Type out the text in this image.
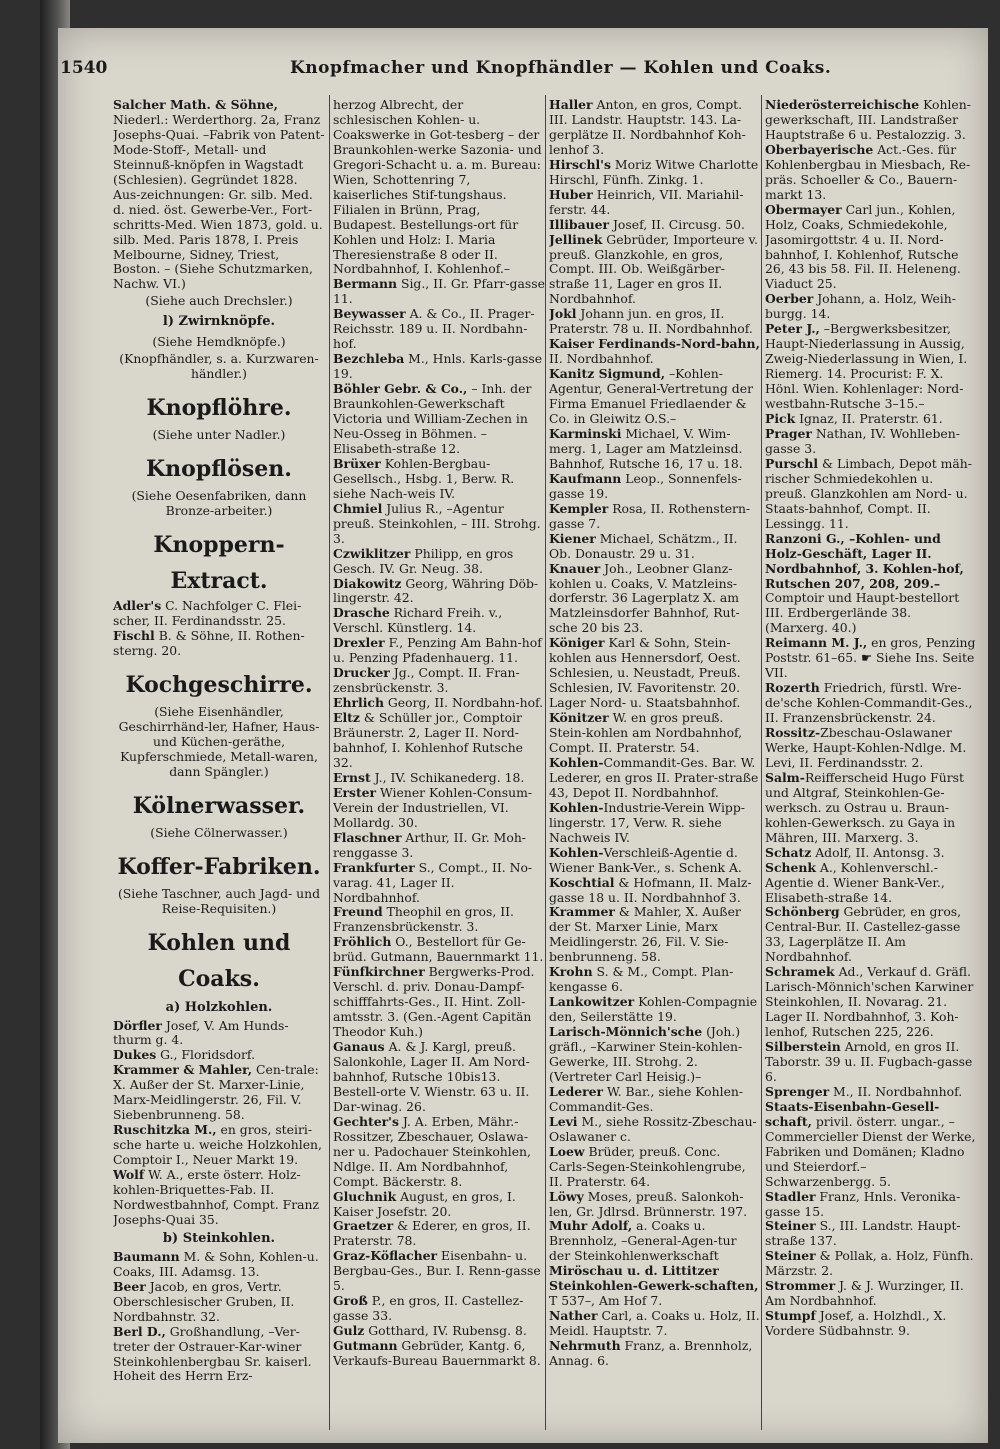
1540	Knopfmacher und Knopfhändler — Kohlen und Coaks.
Salcher Math. & Söhne, Niederl.: Werderthorg. 2a, Franz Josephs-Quai. –Fabrik von Patent-Mode-Stoff-, Metall- und Steinnuß-knöpfen in Wagstadt (Schlesien). Gegründet 1828. Aus-zeichnungen: Gr. silb. Med. d. nied. öst. Gewerbe-Ver., Fort-schritts-Med. Wien 1873, gold. u. silb. Med. Paris 1878, I. Preis Melbourne, Sidney, Triest, Boston. – (Siehe Schutzmarken, Nachw. VI.)
(Siehe auch Drechsler.)
l) Zwirnknöpfe.
(Siehe Hemdknöpfe.)
(Knopfhändler, s. a. Kurzwaren-händler.)
Knopflöhre.
(Siehe unter Nadler.)
Knopflösen.
(Siehe Oesenfabriken, dann Bronze-arbeiter.)
Knoppern-Extract.
Adler's C. Nachfolger C. Flei-scher, II. Ferdinandsstr. 25.
Fischl B. & Söhne, II. Rothen-sterng. 20.
Kochgeschirre.
(Siehe Eisenhändler, Geschirrhänd-ler, Hafner, Haus- und Küchen-geräthe, Kupferschmiede, Metall-waren, dann Spängler.)
Kölnerwasser.
(Siehe Cölnerwasser.)
Koffer-Fabriken.
(Siehe Taschner, auch Jagd- und Reise-Requisiten.)
Kohlen und Coaks.
a) Holzkohlen.
Dörfler Josef, V. Am Hunds-thurm g. 4.
Dukes G., Floridsdorf.
Krammer & Mahler, Cen-trale: X. Außer der St. Marxer-Linie, Marx-Meidlingerstr. 26, Fil. V. Siebenbrunneng. 58.
Ruschitzka M., en gros, steiri-sche harte u. weiche Holzkohlen, Comptoir I., Neuer Markt 19.
Wolf W. A., erste österr. Holz-kohlen-Briquettes-Fab. II. Nordwestbahnhof, Compt. Franz Josephs-Quai 35.
b) Steinkohlen.
Baumann M. & Sohn, Kohlen-u. Coaks, III. Adamsg. 13.
Beer Jacob, en gros, Vertr. Oberschlesischer Gruben, II. Nordbahnstr. 32.
Berl D., Großhandlung, –Ver-treter der Ostrauer-Kar-winer Steinkohlenbergbau Sr. kaiserl. Hoheit des Herrn Erz-
herzog Albrecht, der schlesischen Kohlen- u. Coakswerke in Got-tesberg – der Braunkohlen-werke Sazonia- und Gregori-Schacht u. a. m. Bureau: Wien, Schottenring 7, kaiserliches Stif-tungshaus. Filialen in Brünn, Prag, Budapest. Bestellungs-ort für Kohlen und Holz: I. Maria Theresienstraße 8 oder II. Nordbahnhof, I. Kohlenhof.–
Bermann Sig., II. Gr. Pfarr-gasse 11.
Beywasser A. & Co., II. Prager-Reichsstr. 189 u. II. Nordbahn-hof.
Bezchleba M., Hnls. Karls-gasse 19.
Böhler Gebr. & Co., – Inh. der Braunkohlen-Gewerkschaft Victoria und William-Zechen in Neu-Osseg in Böhmen. – Elisabeth-straße 12.
Brüxer Kohlen-Bergbau-Gesellsch., Hsbg. 1, Berw. R. siehe Nach-weis IV.
Chmiel Julius R., –Agentur preuß. Steinkohlen, – III. Strohg. 3.
Czwiklitzer Philipp, en gros Gesch. IV. Gr. Neug. 38.
Diakowitz Georg, Währing Döb-lingerstr. 42.
Drasche Richard Freih. v., Verschl. Künstlerg. 14.
Drexler F., Penzing Am Bahn-hof u. Penzing Pfadenhauerg. 11.
Drucker Jg., Compt. II. Fran-zensbrückenstr. 3.
Ehrlich Georg, II. Nordbahn-hof.
Eltz & Schüller jor., Comptoir Bräunerstr. 2, Lager II. Nord-bahnhof, I. Kohlenhof Rutsche 32.
Ernst J., IV. Schikanederg. 18.
Erster Wiener Kohlen-Consum-Verein der Industriellen, VI. Mollardg. 30.
Flaschner Arthur, II. Gr. Moh-renggasse 3.
Frankfurter S., Compt., II. No-varag. 41, Lager II. Nordbahnhof.
Freund Theophil en gros, II. Franzensbrückenstr. 3.
Fröhlich O., Bestellort für Ge-brüd. Gutmann, Bauernmarkt 11.
Fünfkirchner Bergwerks-Prod. Verschl. d. priv. Donau-Dampf-schifffahrts-Ges., II. Hint. Zoll-amtsstr. 3. (Gen.-Agent Capitän Theodor Kuh.)
Ganaus A. & J. Kargl, preuß. Salonkohle, Lager II. Am Nord-bahnhof, Rutsche 10bis13. Bestell-orte V. Wienstr. 63 u. II. Dar-winag. 26.
Gechter's J. A. Erben, Mähr.-Rossitzer, Zbeschauer, Oslawa-ner u. Padochauer Steinkohlen, Ndlge. II. Am Nordbahnhof, Compt. Bäckerstr. 8.
Gluchnik August, en gros, I. Kaiser Josefstr. 20.
Graetzer & Ederer, en gros, II. Praterstr. 78.
Graz-Köflacher Eisenbahn- u. Bergbau-Ges., Bur. I. Renn-gasse 5.
Groß P., en gros, II. Castellez-gasse 33.
Gulz Gotthard, IV. Rubensg. 8.
Gutmann Gebrüder, Kantg. 6, Verkaufs-Bureau Bauernmarkt 8.
Haller Anton, en gros, Compt. III. Landstr. Hauptstr. 143. La-gerplätze II. Nordbahnhof Koh-lenhof 3.
Hirschl's Moriz Witwe Charlotte Hirschl, Fünfh. Zinkg. 1.
Huber Heinrich, VII. Mariahil-ferstr. 44.
Illibauer Josef, II. Circusg. 50.
Jellinek Gebrüder, Importeure v. preuß. Glanzkohle, en gros, Compt. III. Ob. Weißgärber-straße 11, Lager en gros II. Nordbahnhof.
Jokl Johann jun. en gros, II. Praterstr. 78 u. II. Nordbahnhof.
Kaiser Ferdinands-Nord-bahn, II. Nordbahnhof.
Kanitz Sigmund, –Kohlen-Agentur, General-Vertretung der Firma Emanuel Friedlaender & Co. in Gleiwitz O.S.–
Karminski Michael, V. Wim-merg. 1, Lager am Matzleinsd. Bahnhof, Rutsche 16, 17 u. 18.
Kaufmann Leop., Sonnenfels-gasse 19.
Kempler Rosa, II. Rothenstern-gasse 7.
Kiener Michael, Schätzm., II. Ob. Donaustr. 29 u. 31.
Knauer Joh., Leobner Glanz-kohlen u. Coaks, V. Matzleins-dorferstr. 36 Lagerplatz X. am Matzleinsdorfer Bahnhof, Rut-sche 20 bis 23.
Königer Karl & Sohn, Stein-kohlen aus Hennersdorf, Oest. Schlesien, u. Neustadt, Preuß. Schlesien, IV. Favoritenstr. 20. Lager Nord- u. Staatsbahnhof.
Könitzer W. en gros preuß. Stein-kohlen am Nordbahnhof, Compt. II. Praterstr. 54.
Kohlen-Commandit-Ges. Bar. W. Lederer, en gros II. Prater-straße 43, Depot II. Nordbahnhof.
Kohlen-Industrie-Verein Wipp-lingerstr. 17, Verw. R. siehe Nachweis IV.
Kohlen-Verschleiß-Agentie d. Wiener Bank-Ver., s. Schenk A.
Koschtial & Hofmann, II. Malz-gasse 18 u. II. Nordbahnhof 3.
Krammer & Mahler, X. Außer der St. Marxer Linie, Marx Meidlingerstr. 26, Fil. V. Sie-benbrunneng. 58.
Krohn S. & M., Compt. Plan-kengasse 6.
Lankowitzer Kohlen-Compagnie den, Seilerstätte 19.
Larisch-Mönnich'sche (Joh.) gräfl., –Karwiner Stein-kohlen-Gewerke, III. Strohg. 2. (Vertreter Carl Heisig.)–
Lederer W. Bar., siehe Kohlen-Commandit-Ges.
Levi M., siehe Rossitz-Zbeschau-Oslawaner c.
Loew Brüder, preuß. Conc. Carls-Segen-Steinkohlengrube, II. Praterstr. 64.
Löwy Moses, preuß. Salonkoh-len, Gr. Jdlrsd. Brünnerstr. 197.
Muhr Adolf, a. Coaks u. Brennholz, –General-Agen-tur der Steinkohlenwerkschaft
Miröschau u. d. Littitzer Steinkohlen-Gewerk-schaften, T 537–, Am Hof 7.
Nather Carl, a. Coaks u. Holz, II. Meidl. Hauptstr. 7.
Nehrmuth Franz, a. Brennholz, Annag. 6.
Niederösterreichische Kohlen-gewerkschaft, III. Landstraßer Hauptstraße 6 u. Pestalozzig. 3.
Oberbayerische Act.-Ges. für Kohlenbergbau in Miesbach, Re-präs. Schoeller & Co., Bauern-markt 13.
Obermayer Carl jun., Kohlen, Holz, Coaks, Schmiedekohle, Jasomirgottstr. 4 u. II. Nord-bahnhof, I. Kohlenhof, Rutsche 26, 43 bis 58. Fil. II. Heleneng. Viaduct 25.
Oerber Johann, a. Holz, Weih-burgg. 14.
Peter J., –Bergwerksbesitzer, Haupt-Niederlassung in Aussig, Zweig-Niederlassung in Wien, I. Riemerg. 14. Procurist: F. X. Hönl. Wien. Kohlenlager: Nord-westbahn-Rutsche 3–15.–
Pick Ignaz, II. Praterstr. 61.
Prager Nathan, IV. Wohlleben-gasse 3.
Purschl & Limbach, Depot mäh-rischer Schmiedekohlen u. preuß. Glanzkohlen am Nord- u. Staats-bahnhof, Compt. II. Lessingg. 11.
Ranzoni G., –Kohlen- und Holz-Geschäft, Lager II. Nordbahnhof, 3. Kohlen-hof, Rutschen 207, 208, 209.– Comptoir und Haupt-bestellort III. Erdbergerlände 38. (Marxerg. 40.)
Reimann M. J., en gros, Penzing Poststr. 61–65. ☛ Siehe Ins. Seite VII.
Rozerth Friedrich, fürstl. Wre-de'sche Kohlen-Commandit-Ges., II. Franzensbrückenstr. 24.
Rossitz-Zbeschau-Oslawaner Werke, Haupt-Kohlen-Ndlge. M. Levi, II. Ferdinandsstr. 2.
Salm-Reifferscheid Hugo Fürst und Altgraf, Steinkohlen-Ge-werksch. zu Ostrau u. Braun-kohlen-Gewerksch. zu Gaya in Mähren, III. Marxerg. 3.
Schatz Adolf, II. Antonsg. 3.
Schenk A., Kohlenverschl.-Agentie d. Wiener Bank-Ver., Elisabeth-straße 14.
Schönberg Gebrüder, en gros, Central-Bur. II. Castellez-gasse 33, Lagerplätze II. Am Nordbahnhof.
Schramek Ad., Verkauf d. Gräfl. Larisch-Mönnich'schen Karwiner Steinkohlen, II. Novarag. 21. Lager II. Nordbahnhof, 3. Koh-lenhof, Rutschen 225, 226.
Silberstein Arnold, en gros II. Taborstr. 39 u. II. Fugbach-gasse 6.
Sprenger M., II. Nordbahnhof.
Staats-Eisenbahn-Gesell-schaft, privil. österr. ungar., –Commercieller Dienst der Werke, Fabriken und Domänen; Kladno und Steierdorf.– Schwarzenbergg. 5.
Stadler Franz, Hnls. Veronika-gasse 15.
Steiner S., III. Landstr. Haupt-straße 137.
Steiner & Pollak, a. Holz, Fünfh. Märzstr. 2.
Strommer J. & J. Wurzinger, II. Am Nordbahnhof.
Stumpf Josef, a. Holzhdl., X. Vordere Südbahnstr. 9.
